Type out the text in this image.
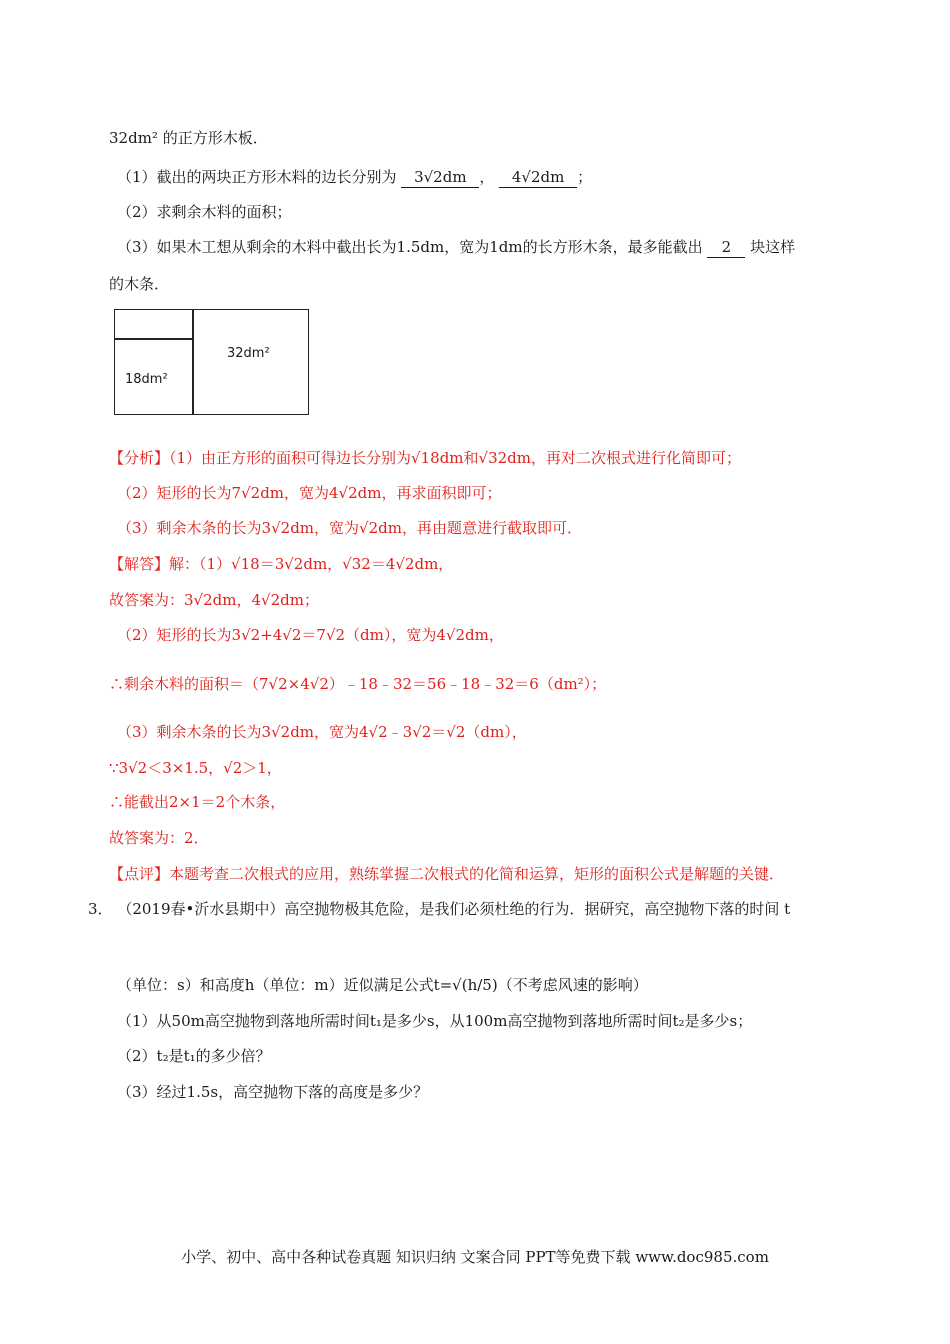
32dm² 的正方形木板．
（1）截出的两块正方形木料的边长分别为 3√2dm ， 4√2dm ；
（2）求剩余木料的面积；
（3）如果木工想从剩余的木料中截出长为1.5dm，宽为1dm的长方形木条，最多能截出 2 块这样
的木条．
32dm²
18dm²
【分析】（1）由正方形的面积可得边长分别为√18dm和√32dm，再对二次根式进行化简即可；
（2）矩形的长为7√2dm，宽为4√2dm，再求面积即可；
（3）剩余木条的长为3√2dm，宽为√2dm，再由题意进行截取即可．
【解答】解：（1）√18＝3√2dm，√32＝4√2dm，
故答案为：3√2dm，4√2dm；
（2）矩形的长为3√2+4√2＝7√2（dm），宽为4√2dm，
∴剩余木料的面积＝（7√2×4√2）﹣18﹣32＝56﹣18﹣32＝6（dm²）；
（3）剩余木条的长为3√2dm，宽为4√2﹣3√2＝√2（dm），
∵3√2＜3×1.5，√2＞1，
∴能截出2×1＝2个木条，
故答案为：2．
【点评】本题考查二次根式的应用，熟练掌握二次根式的化简和运算，矩形的面积公式是解题的关键．
3． （2019春•沂水县期中）高空抛物极其危险，是我们必须杜绝的行为．据研究，高空抛物下落的时间 t
（单位：s）和高度h（单位：m）近似满足公式t=√(h/5)（不考虑风速的影响）
（1）从50m高空抛物到落地所需时间t₁是多少s，从100m高空抛物到落地所需时间t₂是多少s；
（2）t₂是t₁的多少倍？
（3）经过1.5s，高空抛物下落的高度是多少？
小学、初中、高中各种试卷真题 知识归纳 文案合同 PPT等免费下载 www.doc985.com
